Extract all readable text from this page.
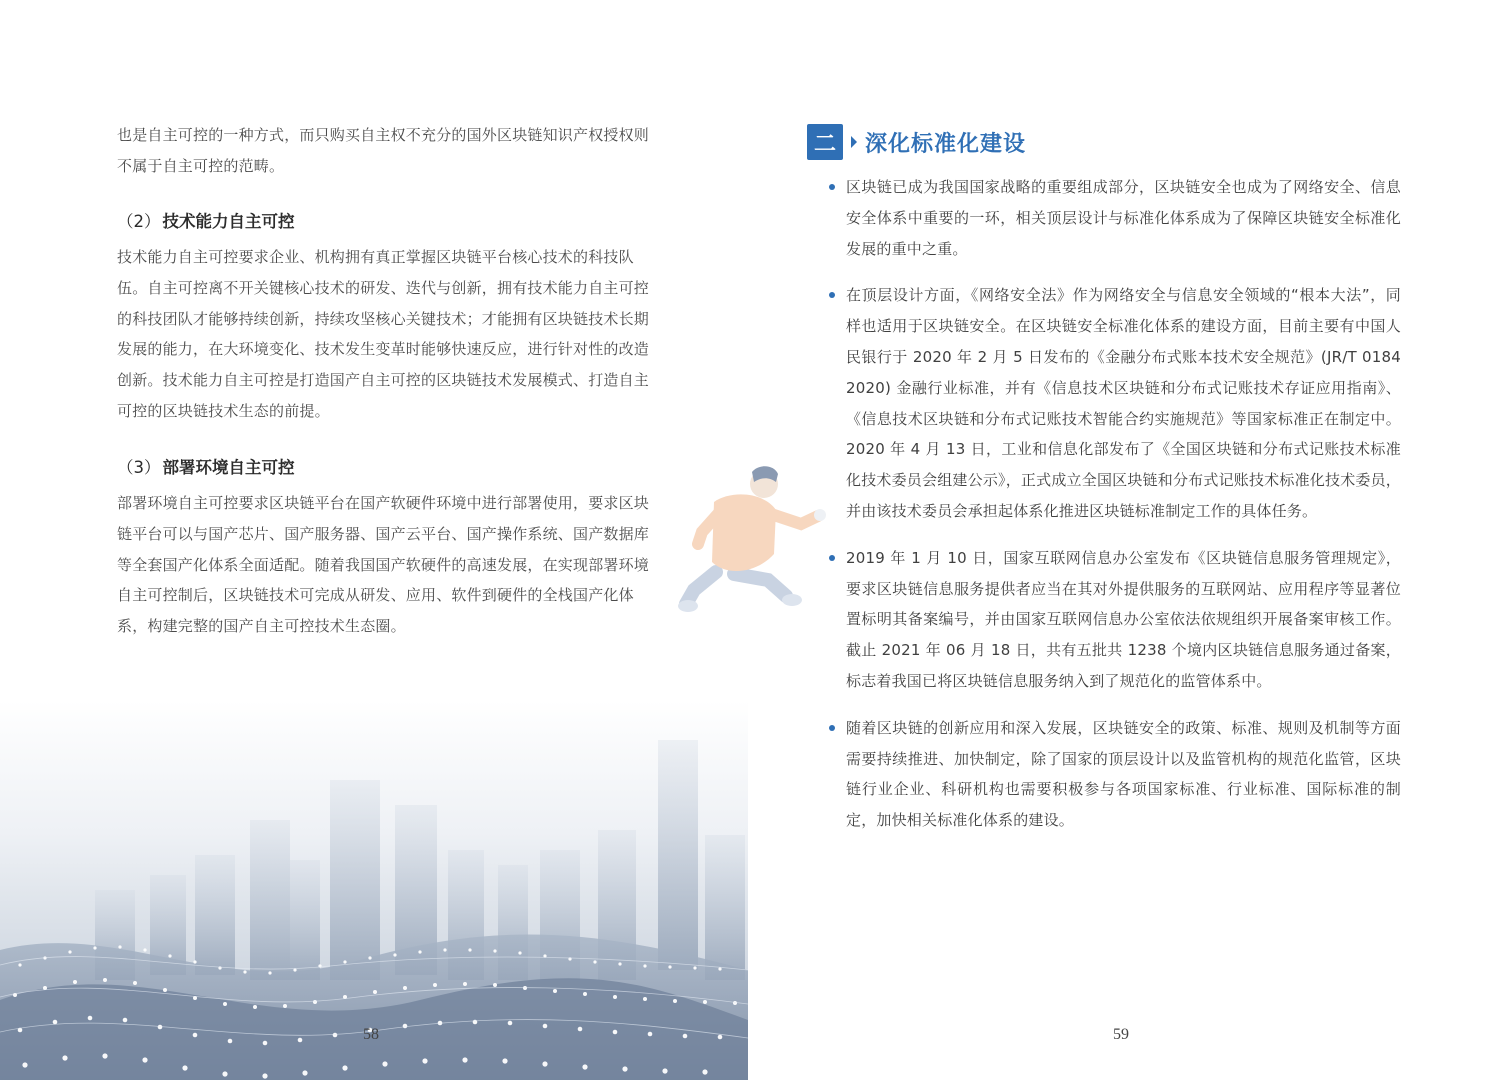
也是自主可控的一种方式，而只购买自主权不充分的国外区块链知识产权授权则不属于自主可控的范畴。

（2） 技术能力自主可控

技术能力自主可控要求企业、机构拥有真正掌握区块链平台核心技术的科技队伍。自主可控离不开关键核心技术的研发、迭代与创新，拥有技术能力自主可控的科技团队才能够持续创新，持续攻坚核心关键技术；才能拥有区块链技术长期发展的能力，在大环境变化、技术发生变革时能够快速反应，进行针对性的改造创新。技术能力自主可控是打造国产自主可控的区块链技术发展模式、打造自主可控的区块链技术生态的前提。

（3） 部署环境自主可控

部署环境自主可控要求区块链平台在国产软硬件环境中进行部署使用，要求区块链平台可以与国产芯片、国产服务器、国产云平台、国产操作系统、国产数据库等全套国产化体系全面适配。随着我国国产软硬件的高速发展，在实现部署环境自主可控制后，区块链技术可完成从研发、应用、软件到硬件的全栈国产化体系，构建完整的国产自主可控技术生态圈。

58
二	深化标准化建设

区块链已成为我国国家战略的重要组成部分，区块链安全也成为了网络安全、信息安全体系中重要的一环，相关顶层设计与标准化体系成为了保障区块链安全标准化发展的重中之重。

在顶层设计方面，《网络安全法》作为网络安全与信息安全领域的“根本大法”，同样也适用于区块链安全。在区块链安全标准化体系的建设方面，目前主要有中国人民银行于 2020 年 2 月 5 日发布的《金融分布式账本技术安全规范》(JR/T 0184 2020) 金融行业标准，并有《信息技术区块链和分布式记账技术存证应用指南》、《信息技术区块链和分布式记账技术智能合约实施规范》等国家标准正在制定中。2020 年 4 月 13 日，工业和信息化部发布了《全国区块链和分布式记账技术标准化技术委员会组建公示》，正式成立全国区块链和分布式记账技术标准化技术委员，并由该技术委员会承担起体系化推进区块链标准制定工作的具体任务。

2019 年 1 月 10 日，国家互联网信息办公室发布《区块链信息服务管理规定》，要求区块链信息服务提供者应当在其对外提供服务的互联网站、应用程序等显著位置标明其备案编号，并由国家互联网信息办公室依法依规组织开展备案审核工作。截止 2021 年 06 月 18 日，共有五批共 1238 个境内区块链信息服务通过备案，标志着我国已将区块链信息服务纳入到了规范化的监管体系中。

随着区块链的创新应用和深入发展，区块链安全的政策、标准、规则及机制等方面需要持续推进、加快制定，除了国家的顶层设计以及监管机构的规范化监管，区块链行业企业、科研机构也需要积极参与各项国家标准、行业标准、国际标准的制定，加快相关标准化体系的建设。

59
